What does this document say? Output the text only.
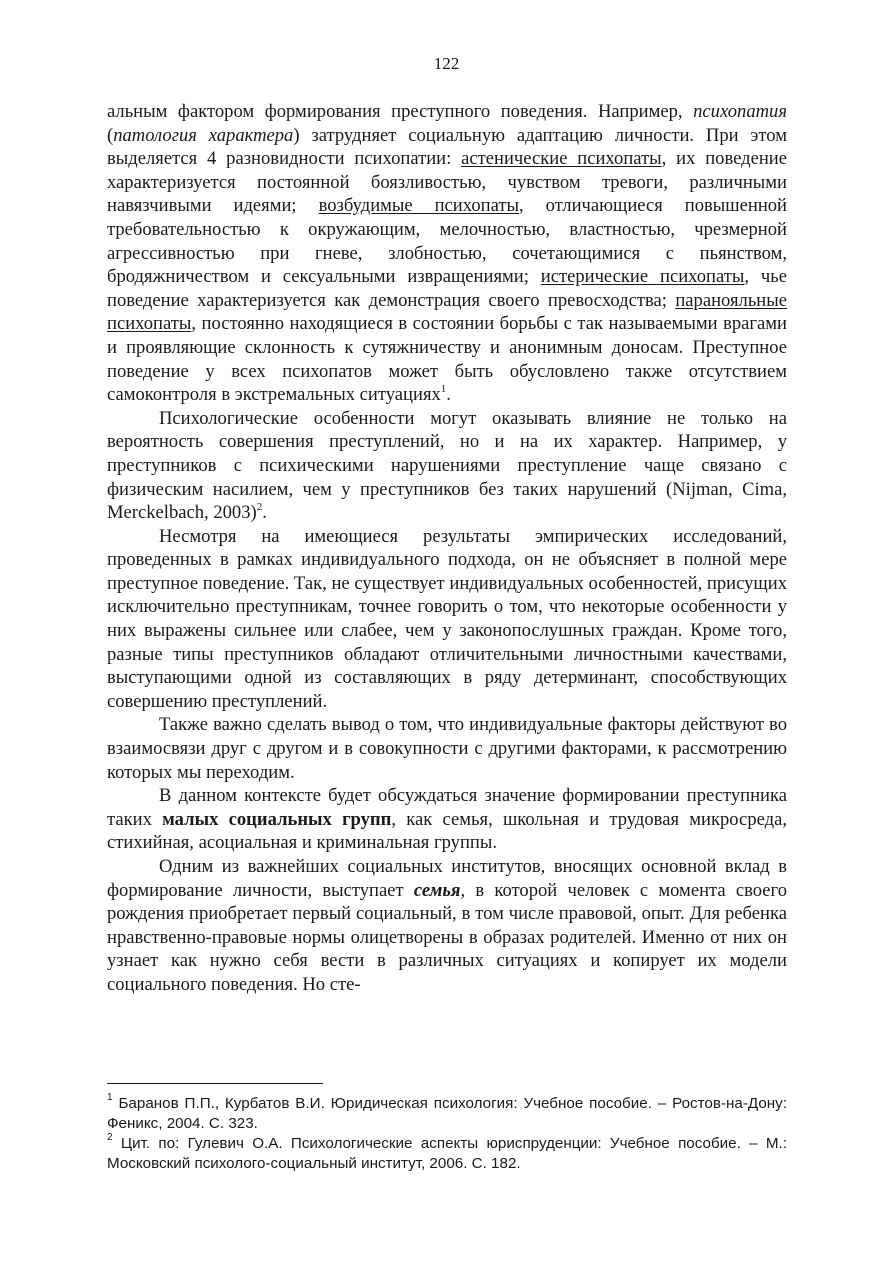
122

альным фактором формирования преступного поведения. Например, психопатия (патология характера) затрудняет социальную адаптацию личности. При этом выделяется 4 разновидности психопатии: астенические психопаты, их поведение характеризуется постоянной боязливостью, чувством тревоги, различными навязчивыми идеями; возбудимые психопаты, отличающиеся повышенной требовательностью к окружающим, мелочностью, властностью, чрезмерной агрессивностью при гневе, злобностью, сочетающимися с пьянством, бродяжничеством и сексуальными извращениями; истерические психопаты, чье поведение характеризуется как демонстрация своего превосходства; паранояльные психопаты, постоянно находящиеся в состоянии борьбы с так называемыми врагами и проявляющие склонность к сутяжничеству и анонимным доносам. Преступное поведение у всех психопатов может быть обусловлено также отсутствием самоконтроля в экстремальных ситуациях$^1$.

Психологические особенности могут оказывать влияние не только на вероятность совершения преступлений, но и на их характер. Например, у преступников с психическими нарушениями преступление чаще связано с физическим насилием, чем у преступников без таких нарушений (Nijman, Cima, Merckelbach, 2003)$^2$.

Несмотря на имеющиеся результаты эмпирических исследований, проведенных в рамках индивидуального подхода, он не объясняет в полной мере преступное поведение. Так, не существует индивидуальных особенностей, присущих исключительно преступникам, точнее говорить о том, что некоторые особенности у них выражены сильнее или слабее, чем у законопослушных граждан. Кроме того, разные типы преступников обладают отличительными личностными качествами, выступающими одной из составляющих в ряду детерминант, способствующих совершению преступлений.

Также важно сделать вывод о том, что индивидуальные факторы действуют во взаимосвязи друг с другом и в совокупности с другими факторами, к рассмотрению которых мы переходим.

В данном контексте будет обсуждаться значение формировании преступника таких малых социальных групп, как семья, школьная и трудовая микросреда, стихийная, асоциальная и криминальная группы.

Одним из важнейших социальных институтов, вносящих основной вклад в формирование личности, выступает семья, в которой человек с момента своего рождения приобретает первый социальный, в том числе правовой, опыт. Для ребенка нравственно-правовые нормы олицетворены в образах родителей. Именно от них он узнает как нужно себя вести в различных ситуациях и копирует их модели социального поведения. Но сте-

$^1$ Баранов П.П., Курбатов В.И. Юридическая психология: Учебное пособие. – Ростов-на-Дону: Феникс, 2004. С. 323.

$^2$ Цит. по: Гулевич О.А. Психологические аспекты юриспруденции: Учебное пособие. – М.: Московский психолого-социальный институт, 2006. С. 182.
